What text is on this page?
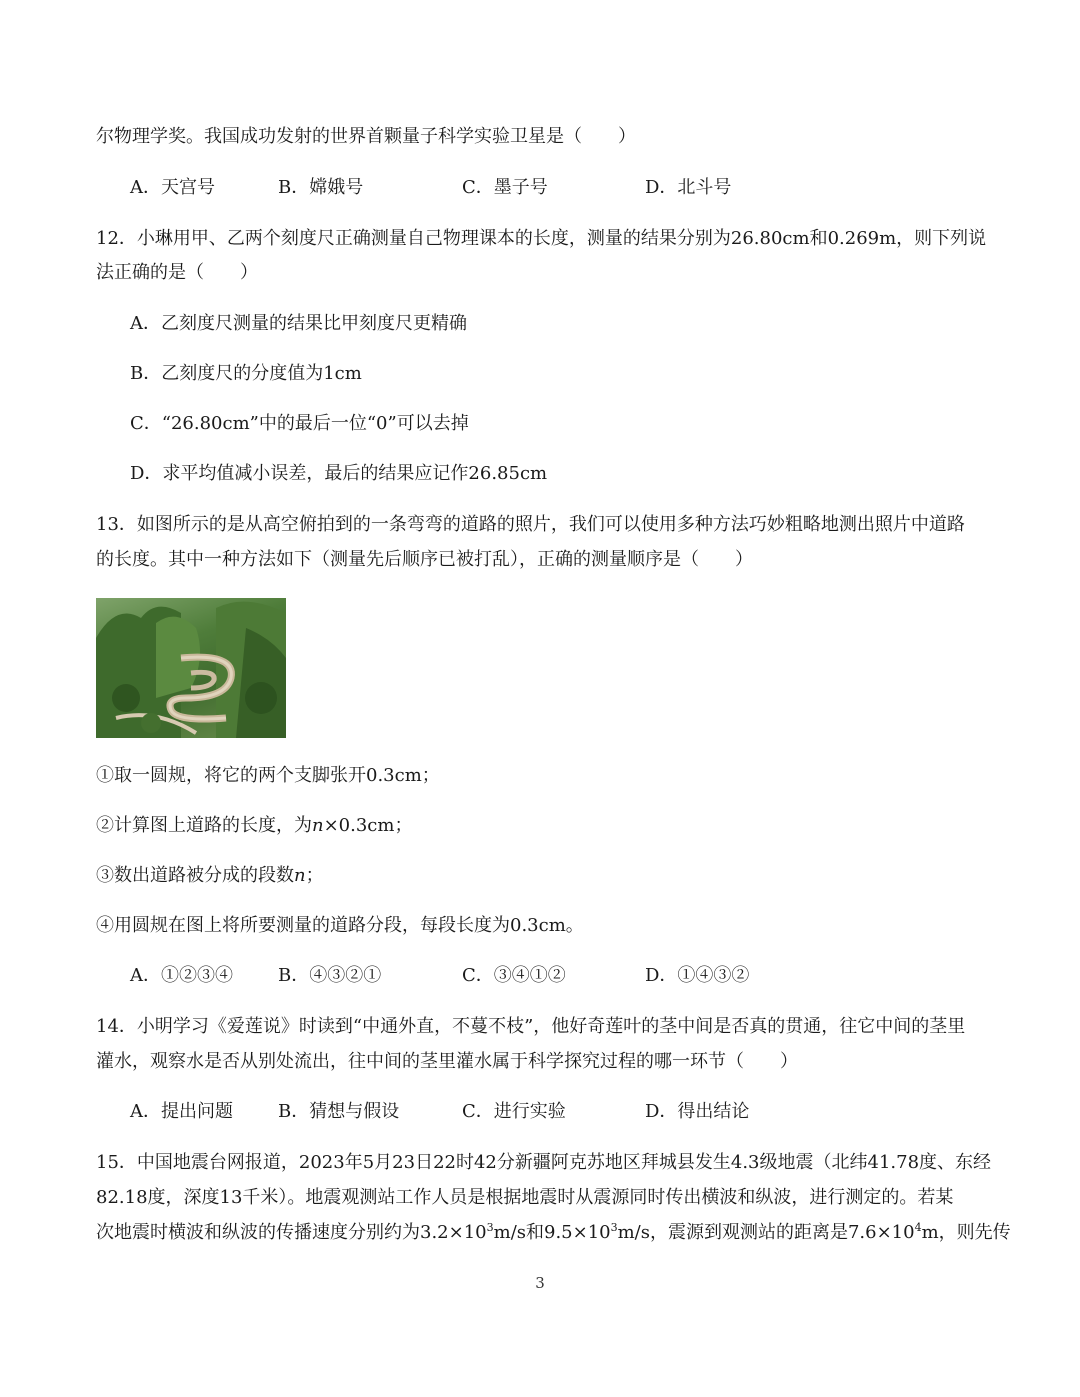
尔物理学奖。我国成功发射的世界首颗量子科学实验卫星是（　　）
A．天宫号	B．嫦娥号	C．墨子号	D．北斗号
12．小琳用甲、乙两个刻度尺正确测量自己物理课本的长度，测量的结果分别为26.80cm和0.269m，则下列说
法正确的是（　　）
A．乙刻度尺测量的结果比甲刻度尺更精确
B．乙刻度尺的分度值为1cm
C．“26.80cm”中的最后一位“0”可以去掉
D．求平均值减小误差，最后的结果应记作26.85cm
13．如图所示的是从高空俯拍到的一条弯弯的道路的照片，我们可以使用多种方法巧妙粗略地测出照片中道路
的长度。其中一种方法如下（测量先后顺序已被打乱），正确的测量顺序是（　　）
①取一圆规，将它的两个支脚张开0.3cm；
②计算图上道路的长度，为n×0.3cm；
③数出道路被分成的段数n；
④用圆规在图上将所要测量的道路分段，每段长度为0.3cm。
A．①②③④	B．④③②①	C．③④①②	D．①④③②
14．小明学习《爱莲说》时读到“中通外直，不蔓不枝”，他好奇莲叶的茎中间是否真的贯通，往它中间的茎里
灌水，观察水是否从别处流出，往中间的茎里灌水属于科学探究过程的哪一环节（　　）
A．提出问题	B．猜想与假设	C．进行实验	D．得出结论
15．中国地震台网报道，2023年5月23日22时42分新疆阿克苏地区拜城县发生4.3级地震（北纬41.78度、东经
82.18度，深度13千米）。地震观测站工作人员是根据地震时从震源同时传出横波和纵波，进行测定的。若某
次地震时横波和纵波的传播速度分别约为$3.2\times 10^3m/s$和$9.5\times 10^3m/s$，震源到观测站的距离是$7.6\times 10^4m$，则先传
3
